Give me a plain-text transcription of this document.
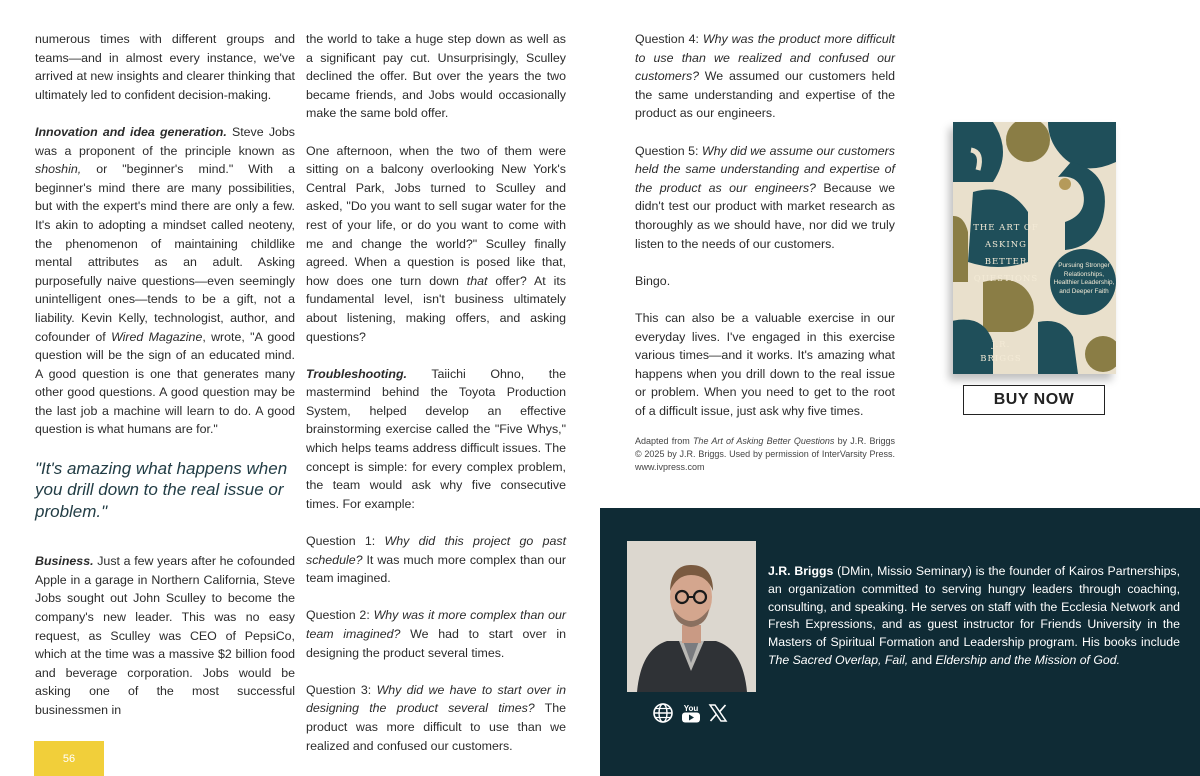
numerous times with different groups and teams—and in almost every instance, we've arrived at new insights and clearer thinking that ultimately led to confident decision-making.

Innovation and idea generation. Steve Jobs was a proponent of the principle known as shoshin, or "beginner's mind." With a beginner's mind there are many possibilities, but with the expert's mind there are only a few. It's akin to adopting a mindset called neoteny, the phenomenon of maintaining childlike mental attributes as an adult. Asking purposefully naive questions—even seemingly unintelligent ones—tends to be a gift, not a liability. Kevin Kelly, technologist, author, and cofounder of Wired Magazine, wrote, "A good question will be the sign of an educated mind. A good question is one that generates many other good questions. A good question may be the last job a machine will learn to do. A good question is what humans are for."

"It's amazing what happens when you drill down to the real issue or problem."

Business. Just a few years after he cofounded Apple in a garage in Northern California, Steve Jobs sought out John Sculley to become the company's new leader. This was no easy request, as Sculley was CEO of PepsiCo, which at the time was a massive $2 billion food and beverage corporation. Jobs would be asking one of the most successful businessmen in

the world to take a huge step down as well as a significant pay cut. Unsurprisingly, Sculley declined the offer. But over the years the two became friends, and Jobs would occasionally make the same bold offer.

One afternoon, when the two of them were sitting on a balcony overlooking New York's Central Park, Jobs turned to Sculley and asked, "Do you want to sell sugar water for the rest of your life, or do you want to come with me and change the world?" Sculley finally agreed. When a question is posed like that, how does one turn down that offer? At its fundamental level, isn't business ultimately about listening, making offers, and asking questions?

Troubleshooting. Taiichi Ohno, the mastermind behind the Toyota Production System, helped develop an effective brainstorming exercise called the "Five Whys," which helps teams address difficult issues. The concept is simple: for every complex problem, the team would ask why five consecutive times. For example:

Question 1: Why did this project go past schedule? It was much more complex than our team imagined.

Question 2: Why was it more complex than our team imagined? We had to start over in designing the product several times.

Question 3: Why did we have to start over in designing the product several times? The product was more difficult to use than we realized and confused our customers.

Question 4: Why was the product more difficult to use than we realized and confused our customers? We assumed our customers held the same understanding and expertise of the product as our engineers.

Question 5: Why did we assume our customers held the same understanding and expertise of the product as our engineers? Because we didn't test our product with market research as thoroughly as we should have, nor did we truly listen to the needs of our customers.

Bingo.

This can also be a valuable exercise in our everyday lives. I've engaged in this exercise various times—and it works. It's amazing what happens when you drill down to the real issue or problem. When you need to get to the root of a difficult issue, just ask why five times.

Adapted from The Art of Asking Better Questions by J.R. Briggs © 2025 by J.R. Briggs. Used by permission of InterVarsity Press. www.ivpress.com
THE ART OF
ASKING BETTER
QUESTIONS
Pursuing Stronger Relationships, Healthier Leadership, and Deeper Faith
J.R.
BRIGGS
BUY NOW
J.R. Briggs (DMin, Missio Seminary) is the founder of Kairos Partnerships, an organization committed to serving hungry leaders through coaching, consulting, and speaking. He serves on staff with the Ecclesia Network and Fresh Expressions, and as guest instructor for Friends University in the Masters of Spiritual Formation and Leadership program. His books include The Sacred Overlap, Fail, and Eldership and the Mission of God.
You
56
